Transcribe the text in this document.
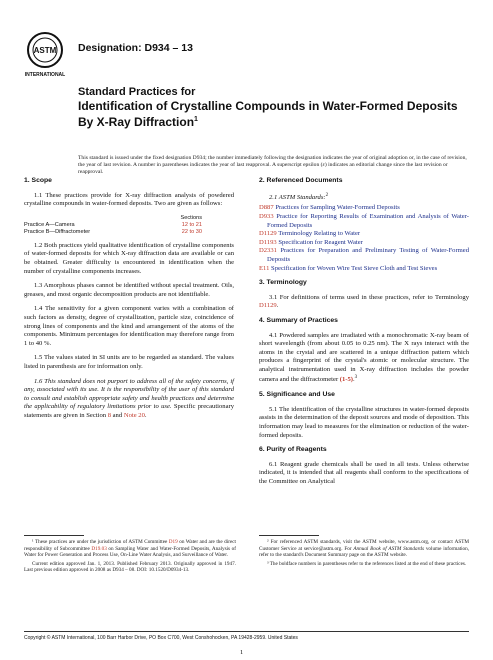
ASTM
INTERNATIONAL
Designation: D934 – 13
Standard Practices for
Identification of Crystalline Compounds in Water-Formed Deposits By X-Ray Diffraction$^1$
This standard is issued under the fixed designation D934; the number immediately following the designation indicates the year of original adoption or, in the case of revision, the year of last revision. A number in parentheses indicates the year of last reapproval. A superscript epsilon (ε) indicates an editorial change since the last revision or reapproval.
1. Scope

1.1 These practices provide for X-ray diffraction analysis of powdered crystalline compounds in water-formed deposits. Two are given as follows:

Sections
Practice A—Camera	12 to 21
Practice B—Diffractometer	22 to 30

1.2 Both practices yield qualitative identification of crystalline components of water-formed deposits for which X-ray diffraction data are available or can be obtained. Greater difficulty is encountered in identification when the number of crystalline components increases.

1.3 Amorphous phases cannot be identified without special treatment. Oils, greases, and most organic decomposition products are not identifiable.

1.4 The sensitivity for a given component varies with a combination of such factors as density, degree of crystallization, particle size, coincidence of strong lines of components and the kind and arrangement of the atoms of the components. Minimum percentages for identification may therefore range from 1 to 40 %.

1.5 The values stated in SI units are to be regarded as standard. The values listed in parenthesis are for information only.

1.6 This standard does not purport to address all of the safety concerns, if any, associated with its use. It is the responsibility of the user of this standard to consult and establish appropriate safety and health practices and determine the applicability of regulatory limitations prior to use. Specific precautionary statements are given in Section 8 and Note 20.

2. Referenced Documents

2.1 ASTM Standards:$^2$

D887 Practices for Sampling Water-Formed Deposits
D933 Practice for Reporting Results of Examination and Analysis of Water-Formed Deposits
D1129 Terminology Relating to Water
D1193 Specification for Reagent Water
D2331 Practices for Preparation and Preliminary Testing of Water-Formed Deposits
E11 Specification for Woven Wire Test Sieve Cloth and Test Sieves
3. Terminology

3.1 For definitions of terms used in these practices, refer to Terminology D1129.

4. Summary of Practices

4.1 Powdered samples are irradiated with a monochromatic X-ray beam of short wavelength (from about 0.05 to 0.25 nm). The X rays interact with the atoms in the crystal and are scattered in a unique diffraction pattern which produces a fingerprint of the crystal's atomic or molecular structure. The analytical instrumentation used in X-ray diffraction includes the powder camera and the diffractometer (1-5).$^3$

5. Significance and Use

5.1 The identification of the crystalline structures in water-formed deposits assists in the determination of the deposit sources and mode of deposition. This information may lead to measures for the elimination or reduction of the water-formed deposits.

6. Purity of Reagents

6.1 Reagent grade chemicals shall be used in all tests. Unless otherwise indicated, it is intended that all reagents shall conform to the specifications of the Committee on Analytical

¹ These practices are under the jurisdiction of ASTM Committee D19 on Water and are the direct responsibility of Subcommittee D19.03 on Sampling Water and Water-Formed Deposits, Analysis of Water for Power Generation and Process Use, On-Line Water Analysis, and Surveillance of Water.

Current edition approved Jan. 1, 2013. Published February 2013. Originally approved in 1947. Last previous edition approved in 2008 as D934 – 08. DOI: 10.1520/D0934-13.

² For referenced ASTM standards, visit the ASTM website, www.astm.org, or contact ASTM Customer Service at service@astm.org. For Annual Book of ASTM Standards volume information, refer to the standard's Document Summary page on the ASTM website.

³ The boldface numbers in parentheses refer to the references listed at the end of these practices.

Copyright © ASTM International, 100 Barr Harbor Drive, PO Box C700, West Conshohocken, PA 19428-2959. United States
1
